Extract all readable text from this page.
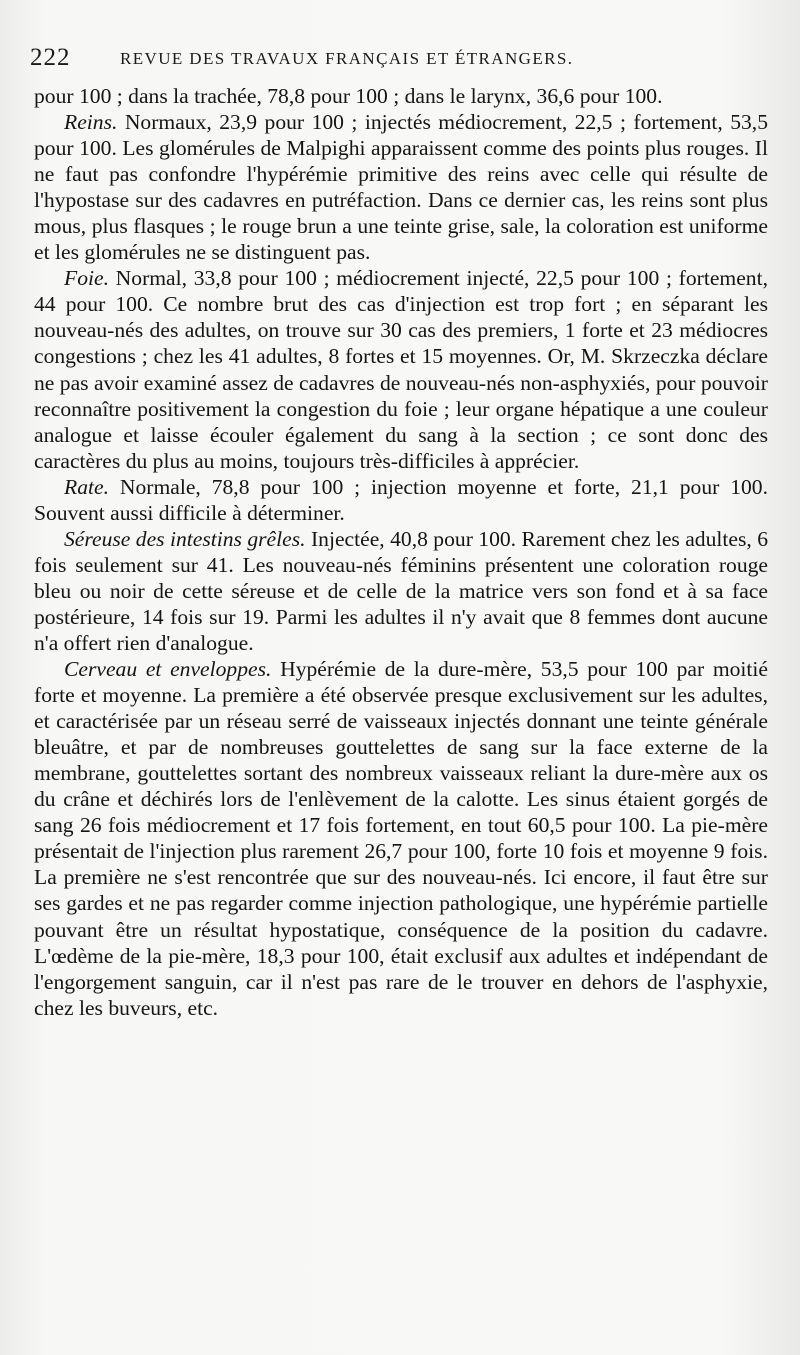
222	REVUE DES TRAVAUX FRANÇAIS ET ÉTRANGERS.

pour 100 ; dans la trachée, 78,8 pour 100 ; dans le larynx, 36,6 pour 100.

Reins. Normaux, 23,9 pour 100 ; injectés médiocrement, 22,5 ; fortement, 53,5 pour 100. Les glomérules de Malpighi apparaissent comme des points plus rouges. Il ne faut pas confondre l'hypérémie primitive des reins avec celle qui résulte de l'hypostase sur des cadavres en putréfaction. Dans ce dernier cas, les reins sont plus mous, plus flasques ; le rouge brun a une teinte grise, sale, la coloration est uniforme et les glomérules ne se distinguent pas.

Foie. Normal, 33,8 pour 100 ; médiocrement injecté, 22,5 pour 100 ; fortement, 44 pour 100. Ce nombre brut des cas d'injection est trop fort ; en séparant les nouveau-nés des adultes, on trouve sur 30 cas des premiers, 1 forte et 23 médiocres congestions ; chez les 41 adultes, 8 fortes et 15 moyennes. Or, M. Skrzeczka déclare ne pas avoir examiné assez de cadavres de nouveau-nés non-asphyxiés, pour pouvoir reconnaître positivement la congestion du foie ; leur organe hépatique a une couleur analogue et laisse écouler également du sang à la section ; ce sont donc des caractères du plus au moins, toujours très-difficiles à apprécier.

Rate. Normale, 78,8 pour 100 ; injection moyenne et forte, 21,1 pour 100. Souvent aussi difficile à déterminer.

Séreuse des intestins grêles. Injectée, 40,8 pour 100. Rarement chez les adultes, 6 fois seulement sur 41. Les nouveau-nés féminins présentent une coloration rouge bleu ou noir de cette séreuse et de celle de la matrice vers son fond et à sa face postérieure, 14 fois sur 19. Parmi les adultes il n'y avait que 8 femmes dont aucune n'a offert rien d'analogue.

Cerveau et enveloppes. Hypérémie de la dure-mère, 53,5 pour 100 par moitié forte et moyenne. La première a été observée presque exclusivement sur les adultes, et caractérisée par un réseau serré de vaisseaux injectés donnant une teinte générale bleuâtre, et par de nombreuses gouttelettes de sang sur la face externe de la membrane, gouttelettes sortant des nombreux vaisseaux reliant la dure-mère aux os du crâne et déchirés lors de l'enlèvement de la calotte. Les sinus étaient gorgés de sang 26 fois médiocrement et 17 fois fortement, en tout 60,5 pour 100. La pie-mère présentait de l'injection plus rarement 26,7 pour 100, forte 10 fois et moyenne 9 fois. La première ne s'est rencontrée que sur des nouveau-nés. Ici encore, il faut être sur ses gardes et ne pas regarder comme injection pathologique, une hypérémie partielle pouvant être un résultat hypostatique, conséquence de la position du cadavre. L'œdème de la pie-mère, 18,3 pour 100, était exclusif aux adultes et indépendant de l'engorgement sanguin, car il n'est pas rare de le trouver en dehors de l'asphyxie, chez les buveurs, etc.
